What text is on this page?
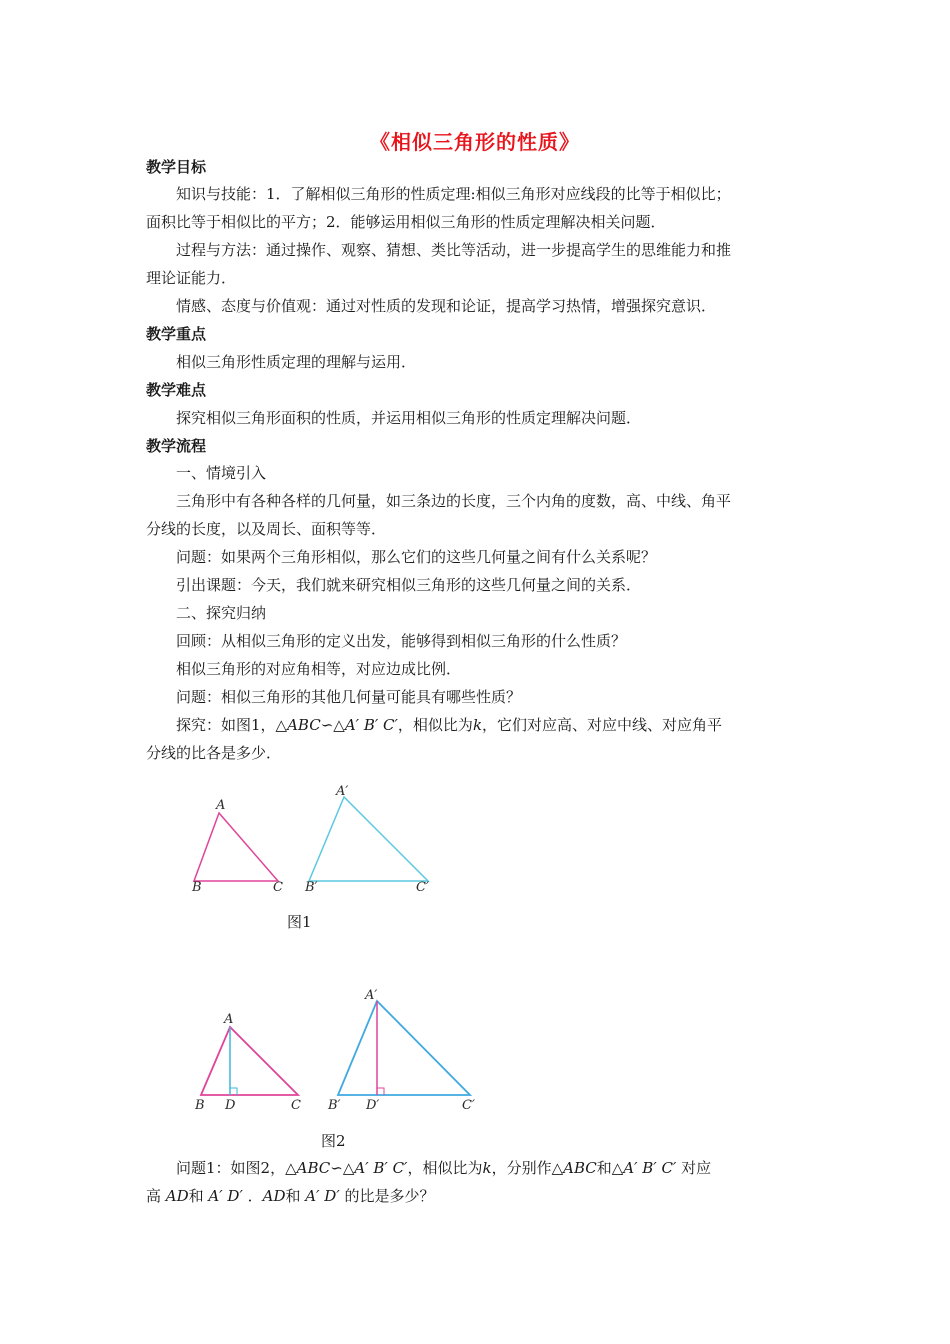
《相似三角形的性质》
教学目标
知识与技能：1．了解相似三角形的性质定理:相似三角形对应线段的比等于相似比；
面积比等于相似比的平方；2．能够运用相似三角形的性质定理解决相关问题．
过程与方法：通过操作、观察、猜想、类比等活动，进一步提高学生的思维能力和推
理论证能力．
情感、态度与价值观：通过对性质的发现和论证，提高学习热情，增强探究意识．
教学重点
相似三角形性质定理的理解与运用．
教学难点
探究相似三角形面积的性质，并运用相似三角形的性质定理解决问题．
教学流程
一、情境引入
三角形中有各种各样的几何量，如三条边的长度，三个内角的度数，高、中线、角平
分线的长度，以及周长、面积等等．
问题：如果两个三角形相似，那么它们的这些几何量之间有什么关系呢？
引出课题：今天，我们就来研究相似三角形的这些几何量之间的关系．
二、探究归纳
回顾：从相似三角形的定义出发，能够得到相似三角形的什么性质？
相似三角形的对应角相等，对应边成比例．
问题：相似三角形的其他几何量可能具有哪些性质？
探究：如图1，△ABC∽△A′ B′ C′，相似比为k，它们对应高、对应中线、对应角平
分线的比各是多少．
A
B	C
A′
B′	C′
图1
A
B D	C
A′
B′ D′	C′
图2
问题1：如图2，△ABC∽△A′ B′ C′，相似比为k，分别作△ABC和△A′ B′ C′ 对应
高 AD和 A′ D′ ．AD和 A′ D′ 的比是多少？
